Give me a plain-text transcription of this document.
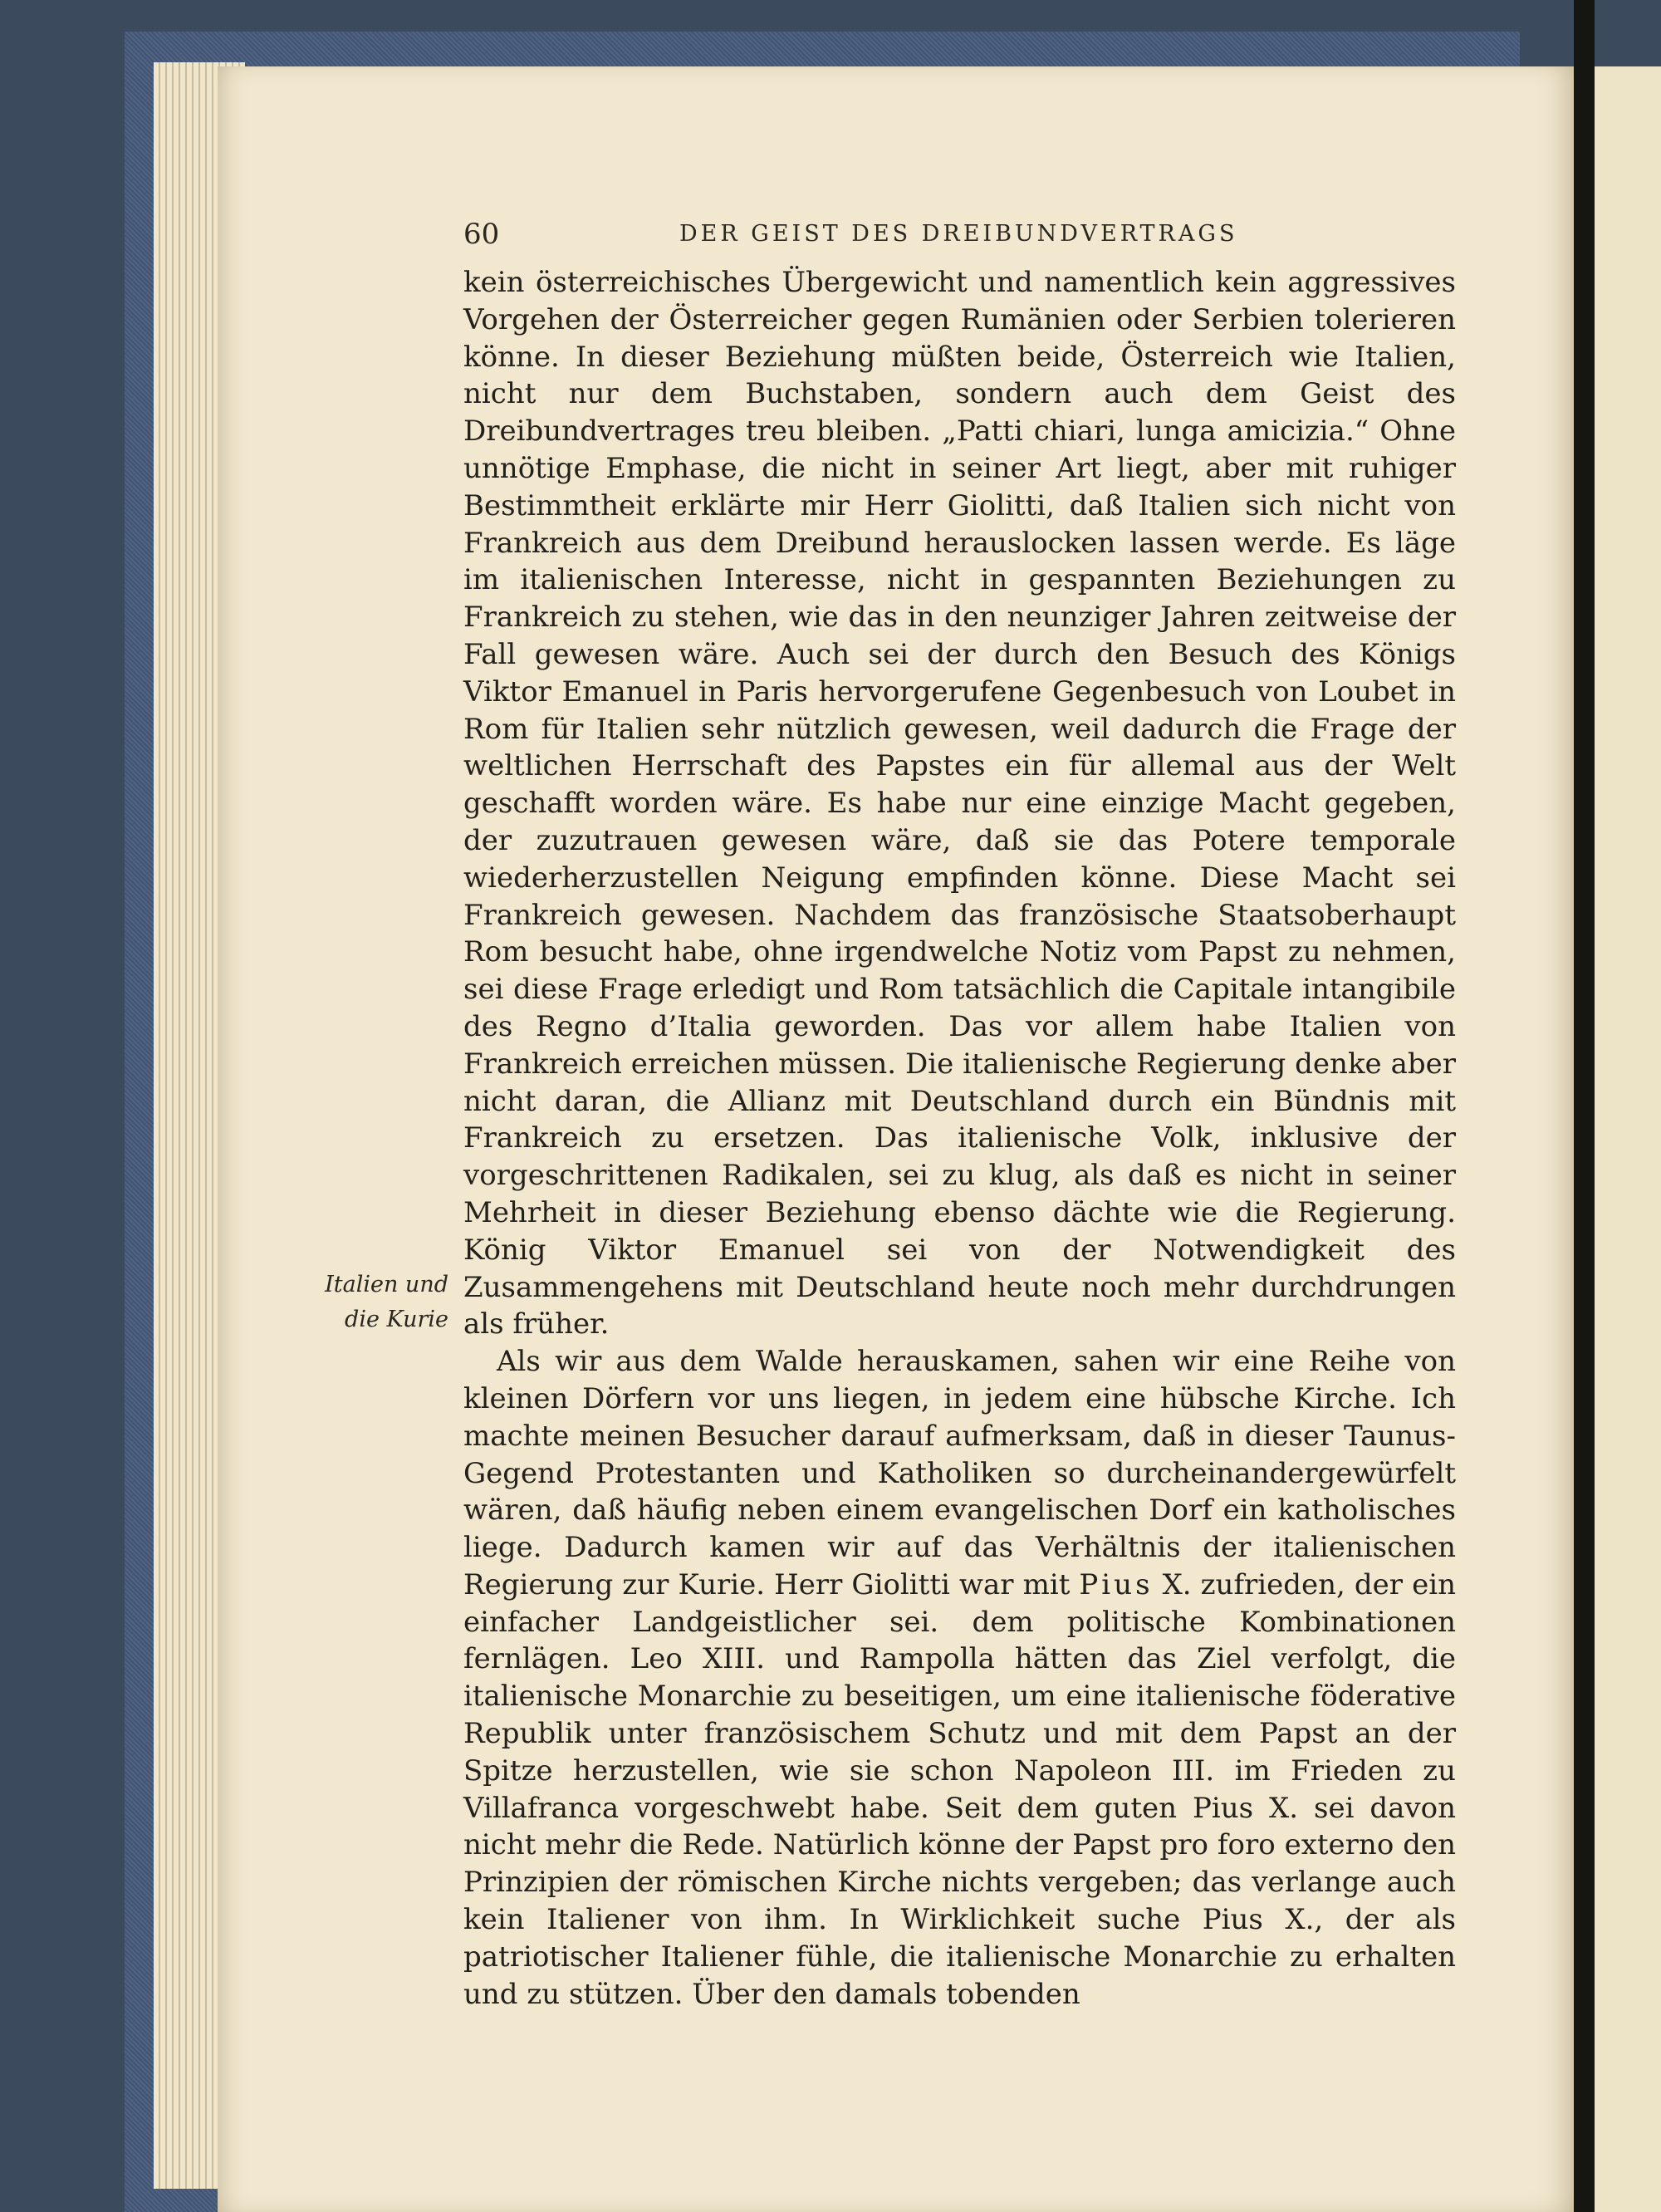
60	DER GEIST DES DREIBUNDVERTRAGS
Italien und
die Kurie

kein österreichisches Übergewicht und namentlich kein aggressives Vorgehen der Österreicher gegen Rumänien oder Serbien tolerieren könne. In dieser Beziehung müßten beide, Österreich wie Italien, nicht nur dem Buchstaben, sondern auch dem Geist des Dreibundvertrages treu bleiben. „Patti chiari, lunga amicizia.“ Ohne unnötige Emphase, die nicht in seiner Art liegt, aber mit ruhiger Bestimmtheit erklärte mir Herr Giolitti, daß Italien sich nicht von Frankreich aus dem Dreibund herauslocken lassen werde. Es läge im italienischen Interesse, nicht in gespannten Beziehungen zu Frankreich zu stehen, wie das in den neunziger Jahren zeitweise der Fall gewesen wäre. Auch sei der durch den Besuch des Königs Viktor Emanuel in Paris hervorgerufene Gegenbesuch von Loubet in Rom für Italien sehr nützlich gewesen, weil dadurch die Frage der weltlichen Herrschaft des Papstes ein für allemal aus der Welt geschafft worden wäre. Es habe nur eine einzige Macht gegeben, der zuzutrauen gewesen wäre, daß sie das Potere temporale wiederherzustellen Neigung empfinden könne. Diese Macht sei Frankreich gewesen. Nachdem das französische Staatsoberhaupt Rom besucht habe, ohne irgendwelche Notiz vom Papst zu nehmen, sei diese Frage erledigt und Rom tatsächlich die Capitale intangibile des Regno d’Italia geworden. Das vor allem habe Italien von Frankreich erreichen müssen. Die italienische Regierung denke aber nicht daran, die Allianz mit Deutschland durch ein Bündnis mit Frankreich zu ersetzen. Das italienische Volk, inklusive der vorgeschrittenen Radikalen, sei zu klug, als daß es nicht in seiner Mehrheit in dieser Beziehung ebenso dächte wie die Regierung. König Viktor Emanuel sei von der Notwendigkeit des Zusammengehens mit Deutschland heute noch mehr durchdrungen als früher.

Als wir aus dem Walde herauskamen, sahen wir eine Reihe von kleinen Dörfern vor uns liegen, in jedem eine hübsche Kirche. Ich machte meinen Besucher darauf aufmerksam, daß in dieser Taunus-Gegend Protestanten und Katholiken so durcheinandergewürfelt wären, daß häufig neben einem evangelischen Dorf ein katholisches liege. Dadurch kamen wir auf das Verhältnis der italienischen Regierung zur Kurie. Herr Giolitti war mit Pius X. zufrieden, der ein einfacher Landgeistlicher sei. dem politische Kombinationen fernlägen. Leo XIII. und Rampolla hätten das Ziel verfolgt, die italienische Monarchie zu beseitigen, um eine italienische föderative Republik unter französischem Schutz und mit dem Papst an der Spitze herzustellen, wie sie schon Napoleon III. im Frieden zu Villafranca vorgeschwebt habe. Seit dem guten Pius X. sei davon nicht mehr die Rede. Natürlich könne der Papst pro foro externo den Prinzipien der römischen Kirche nichts vergeben; das verlange auch kein Italiener von ihm. In Wirklichkeit suche Pius X., der als patriotischer Italiener fühle, die italienische Monarchie zu erhalten und zu stützen. Über den damals tobenden
